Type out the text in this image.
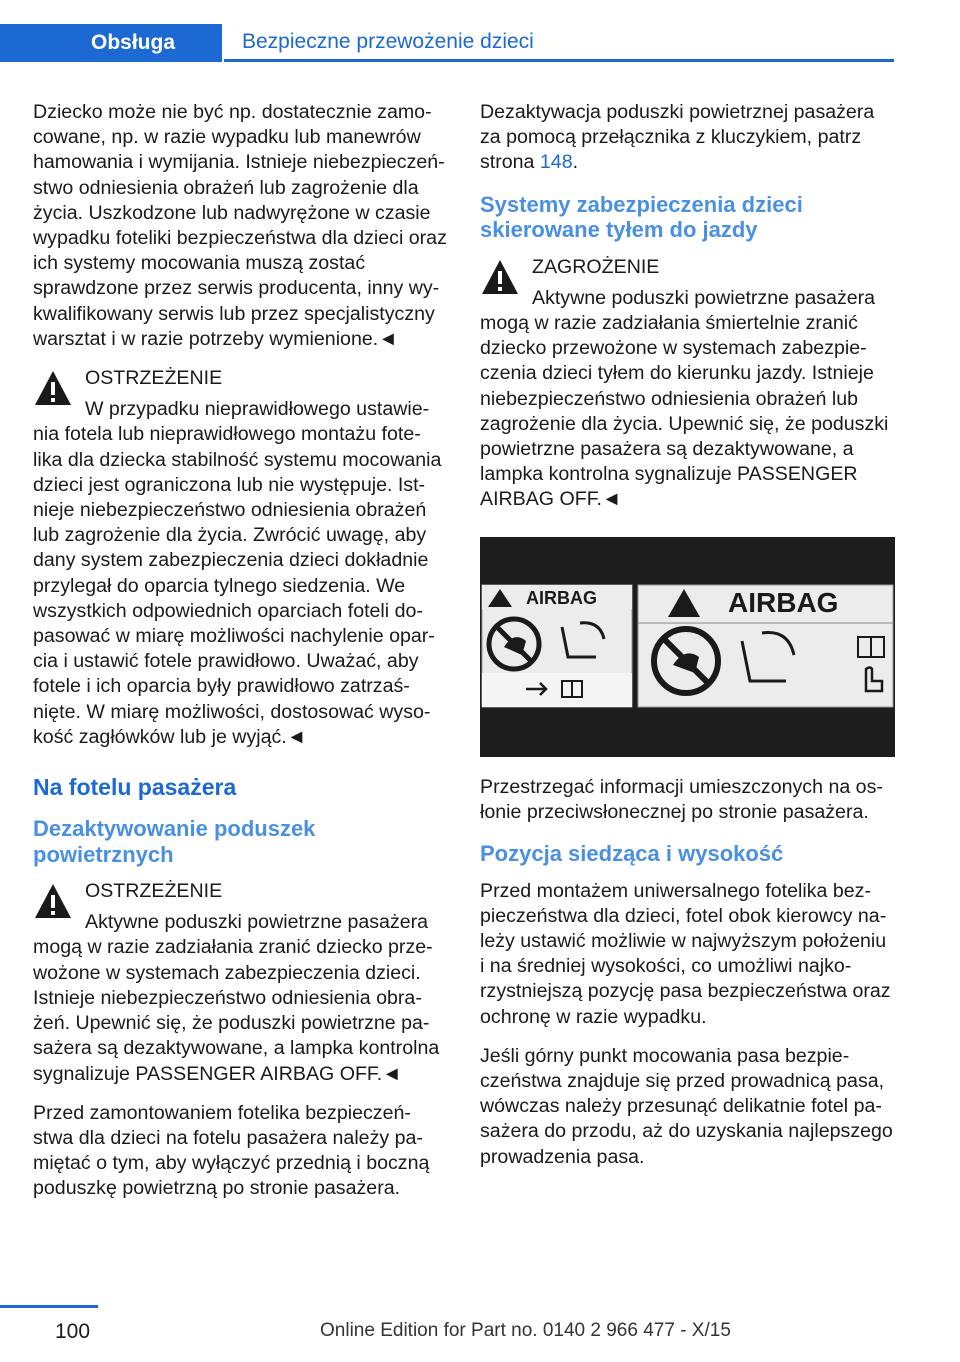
Obsługa	Bezpieczne przewożenie dzieci

Dziecko może nie być np. dostatecznie zamo-cowane, np. w razie wypadku lub manewrów hamowania i wymijania. Istnieje niebezpieczeń-stwo odniesienia obrażeń lub zagrożenie dla życia. Uszkodzone lub nadwyrężone w czasie wypadku foteliki bezpieczeństwa dla dzieci oraz ich systemy mocowania muszą zostać sprawdzone przez serwis producenta, inny wy-kwalifikowany serwis lub przez specjalistyczny warsztat i w razie potrzeby wymienione.◄

OSTRZEŻENIE
W przypadku nieprawidłowego ustawie-nia fotela lub nieprawidłowego montażu fote-lika dla dziecka stabilność systemu mocowania dzieci jest ograniczona lub nie występuje. Ist-nieje niebezpieczeństwo odniesienia obrażeń lub zagrożenie dla życia. Zwrócić uwagę, aby dany system zabezpieczenia dzieci dokładnie przylegał do oparcia tylnego siedzenia. We wszystkich odpowiednich oparciach foteli do-pasować w miarę możliwości nachylenie opar-cia i ustawić fotele prawidłowo. Uważać, aby fotele i ich oparcia były prawidłowo zatrzaś-nięte. W miarę możliwości, dostosować wyso-kość zagłówków lub je wyjąć.◄
Na fotelu pasażera
Dezaktywowanie poduszek powietrznych
OSTRZEŻENIE
Aktywne poduszki powietrzne pasażera mogą w razie zadziałania zranić dziecko prze-wożone w systemach zabezpieczenia dzieci. Istnieje niebezpieczeństwo odniesienia obra-żeń. Upewnić się, że poduszki powietrzne pa-sażera są dezaktywowane, a lampka kontrolna sygnalizuje PASSENGER AIRBAG OFF.◄

Przed zamontowaniem fotelika bezpieczeń-stwa dla dzieci na fotelu pasażera należy pa-miętać o tym, aby wyłączyć przednią i boczną poduszkę powietrzną po stronie pasażera.

Dezaktywacja poduszki powietrznej pasażera za pomocą przełącznika z kluczykiem, patrz strona 148.

Systemy zabezpieczenia dzieci skierowane tyłem do jazdy
ZAGROŻENIE
Aktywne poduszki powietrzne pasażera mogą w razie zadziałania śmiertelnie zranić dziecko przewożone w systemach zabezpie-czenia dzieci tyłem do kierunku jazdy. Istnieje niebezpieczeństwo odniesienia obrażeń lub zagrożenie dla życia. Upewnić się, że poduszki powietrzne pasażera są dezaktywowane, a lampka kontrolna sygnalizuje PASSENGER AIRBAG OFF.◄
AIRBAG	AIRBAG

Przestrzegać informacji umieszczonych na os-łonie przeciwsłonecznej po stronie pasażera.

Pozycja siedząca i wysokość

Przed montażem uniwersalnego fotelika bez-pieczeństwa dla dzieci, fotel obok kierowcy na-leży ustawić możliwie w najwyższym położeniu i na średniej wysokości, co umożliwi najko-rzystniejszą pozycję pasa bezpieczeństwa oraz ochronę w razie wypadku.

Jeśli górny punkt mocowania pasa bezpie-czeństwa znajduje się przed prowadnicą pasa, wówczas należy przesunąć delikatnie fotel pa-sażera do przodu, aż do uzyskania najlepszego prowadzenia pasa.

100	Online Edition for Part no. 0140 2 966 477 - X/15
